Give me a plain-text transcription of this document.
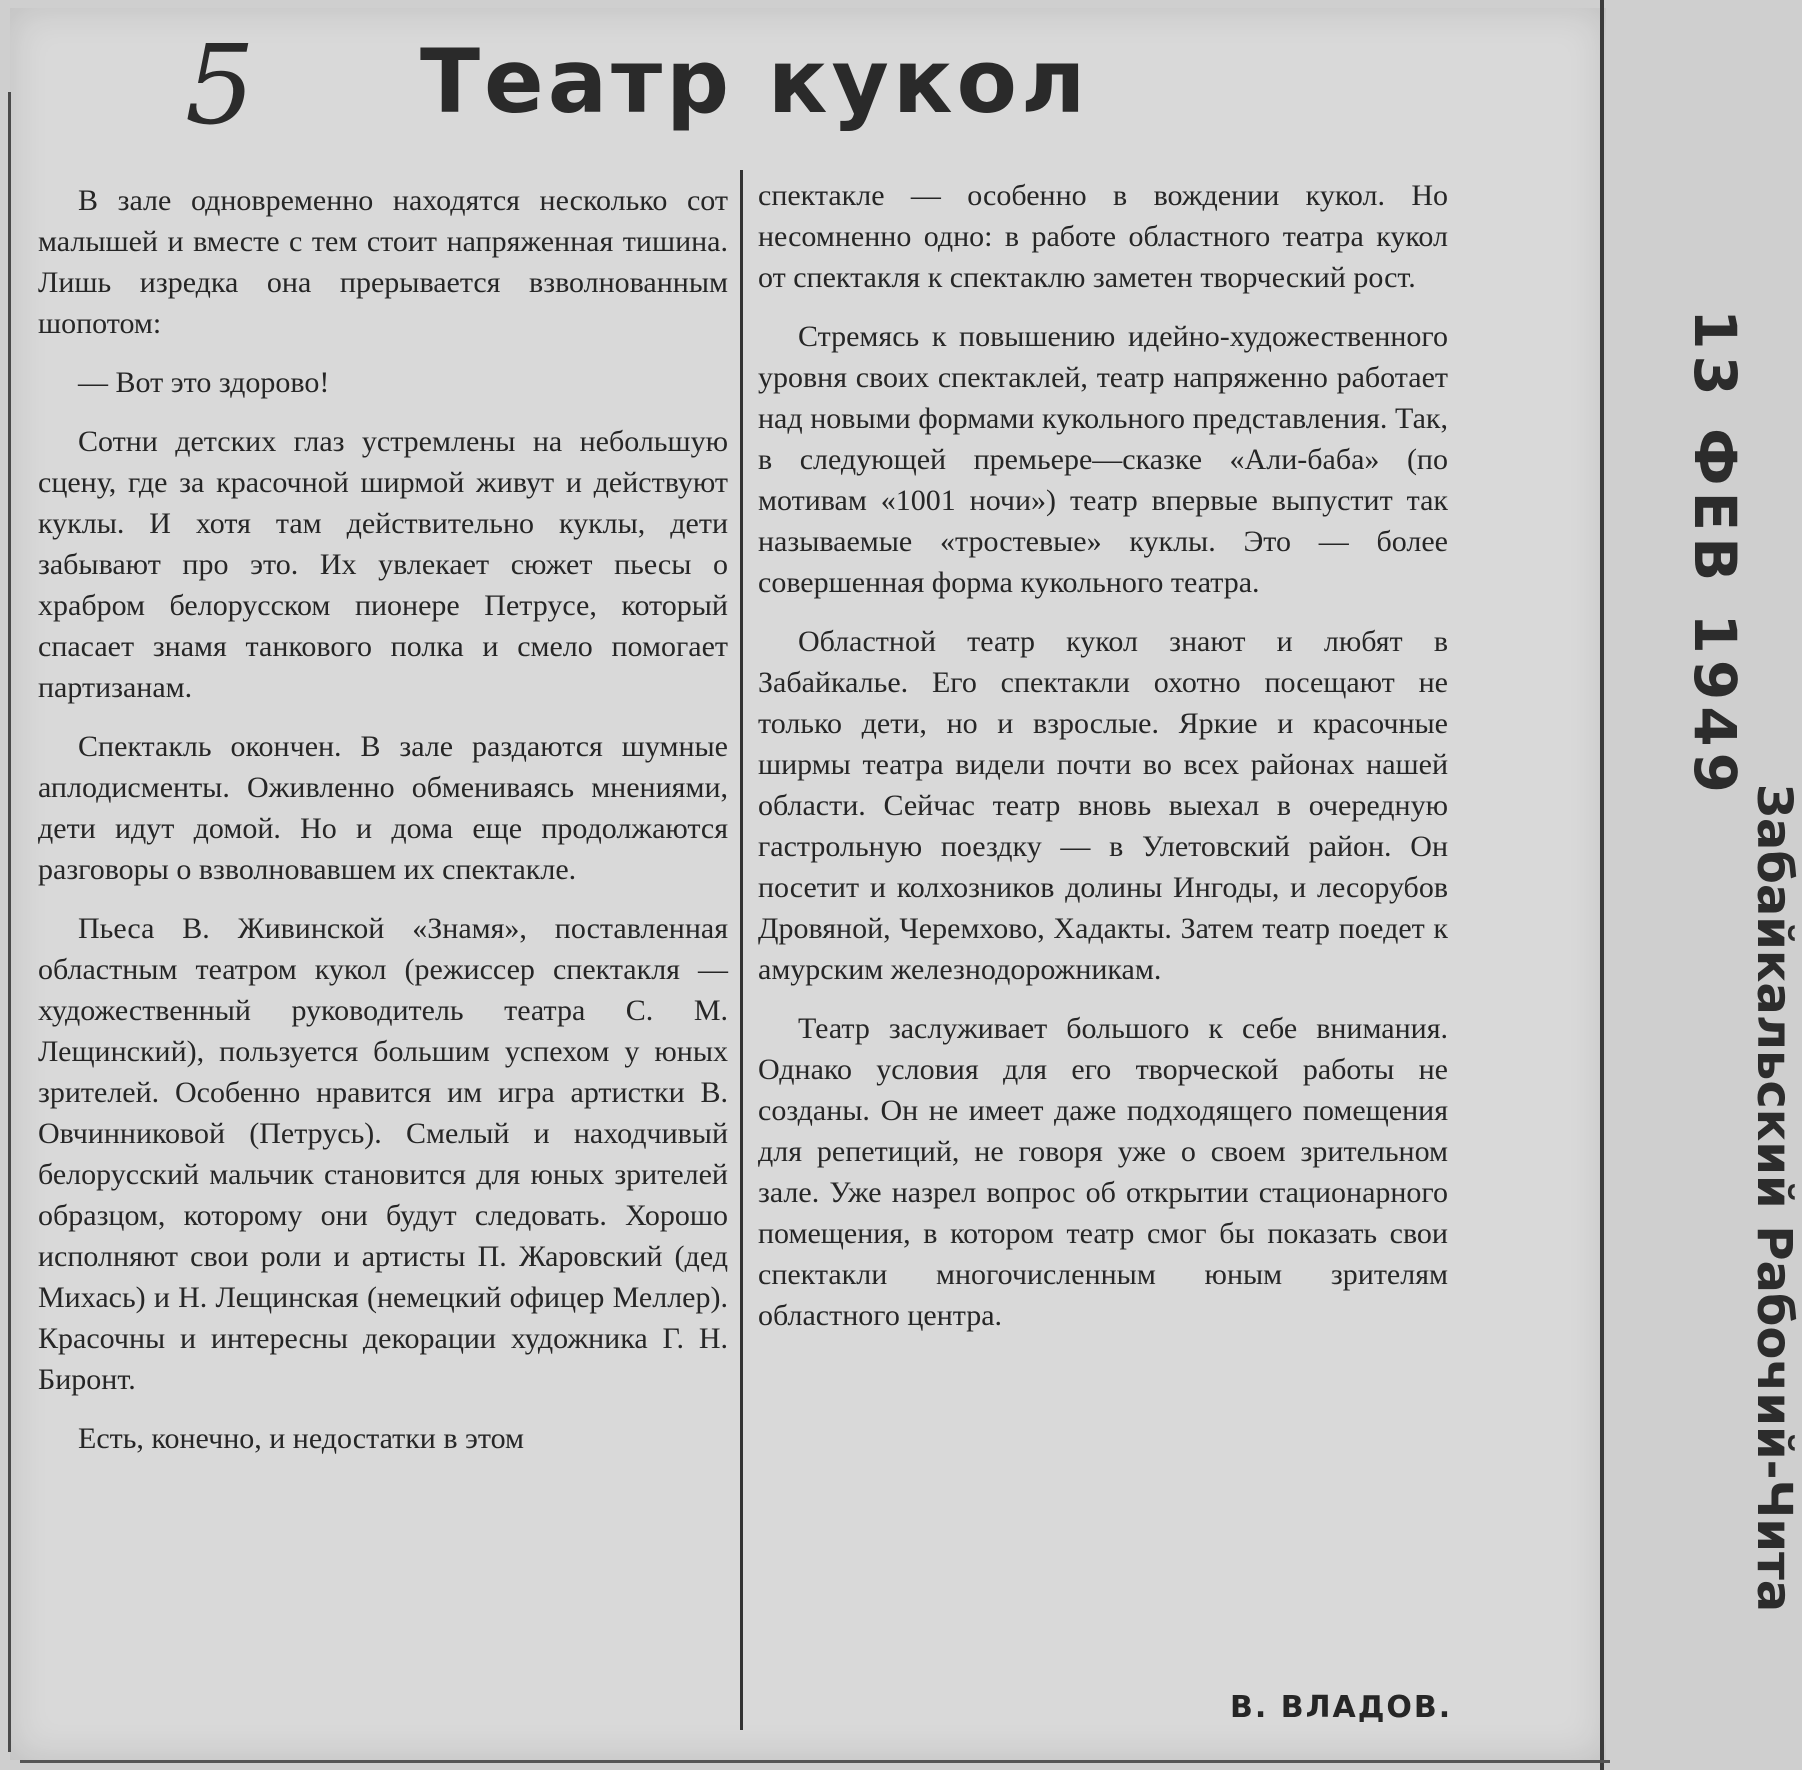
5 Театр кукол

В зале одновременно находятся несколько сот малышей и вместе с тем стоит напряженная тишина. Лишь изредка она прерывается взволнованным шопотом:

— Вот это здорово!

Сотни детских глаз устремлены на небольшую сцену, где за красочной ширмой живут и действуют куклы. И хотя там действительно куклы, дети забывают про это. Их увлекает сюжет пьесы о храбром белорусском пионере Петрусе, который спасает знамя танкового полка и смело помогает партизанам.

Спектакль окончен. В зале раздаются шумные аплодисменты. Оживленно обмениваясь мнениями, дети идут домой. Но и дома еще продолжаются разговоры о взволновавшем их спектакле.

Пьеса В. Живинской «Знамя», поставленная областным театром кукол (режиссер спектакля — художественный руководитель театра С. М. Лещинский), пользуется большим успехом у юных зрителей. Особенно нравится им игра артистки В. Овчинниковой (Петрусь). Смелый и находчивый белорусский мальчик становится для юных зрителей образцом, которому они будут следовать. Хорошо исполняют свои роли и артисты П. Жаровский (дед Михась) и Н. Лещинская (немецкий офицер Меллер). Красочны и интересны декорации художника Г. Н. Биронт.

Есть, конечно, и недостатки в этом

спектакле — особенно в вождении кукол. Но несомненно одно: в работе областного театра кукол от спектакля к спектаклю заметен творческий рост.

Стремясь к повышению идейно-художественного уровня своих спектаклей, театр напряженно работает над новыми формами кукольного представления. Так, в следующей премьере—сказке «Али-баба» (по мотивам «1001 ночи») театр впервые выпустит так называемые «тростевые» куклы. Это — более совершенная форма кукольного театра.

Областной театр кукол знают и любят в Забайкалье. Его спектакли охотно посещают не только дети, но и взрослые. Яркие и красочные ширмы театра видели почти во всех районах нашей области. Сейчас театр вновь выехал в очередную гастрольную поездку — в Улетовский район. Он посетит и колхозников долины Ингоды, и лесорубов Дровяной, Черемхово, Хадакты. Затем театр поедет к амурским железнодорожникам.

Театр заслуживает большого к себе внимания. Однако условия для его творческой работы не созданы. Он не имеет даже подходящего помещения для репетиций, не говоря уже о своем зрительном зале. Уже назрел вопрос об открытии стационарного помещения, в котором театр смог бы показать свои спектакли многочисленным юным зрителям областного центра.

В. ВЛАДОВ.
13 ФЕВ 1949
Забайкальский Рабочий-Чита
